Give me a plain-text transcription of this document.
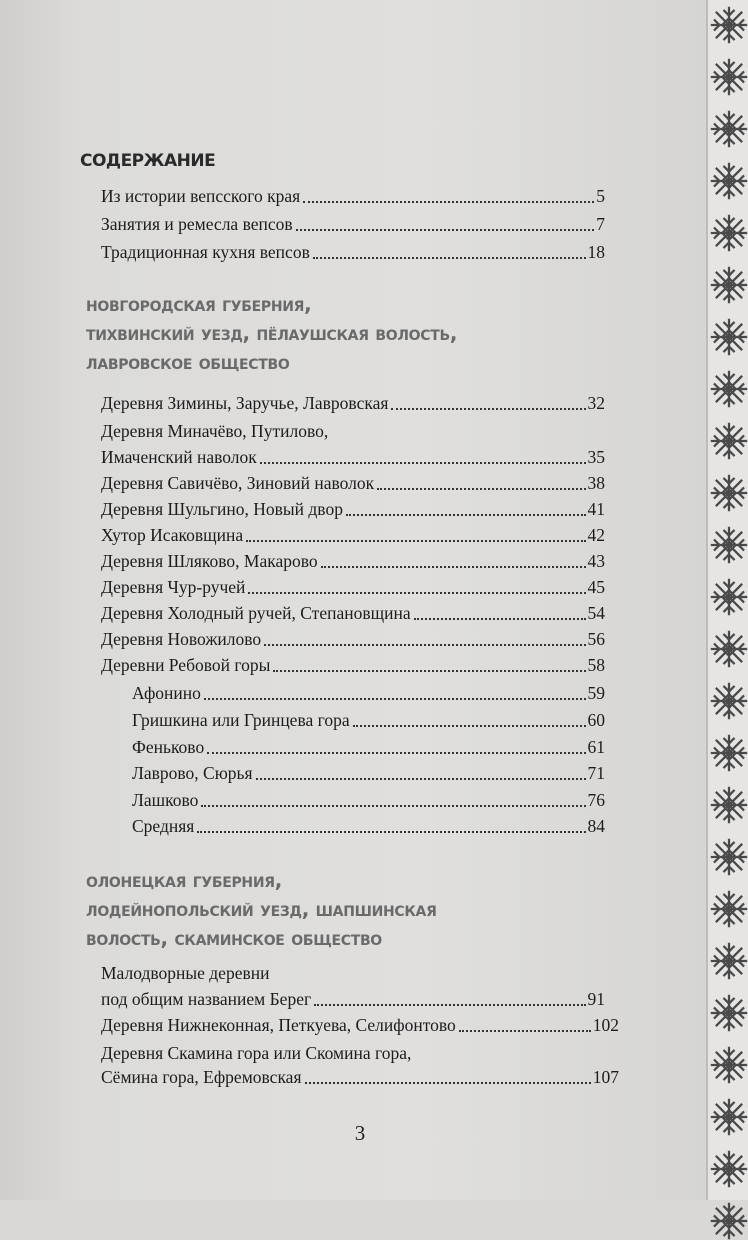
содержание
Из истории вепсского края	5
Занятия и ремесла вепсов	7
Традиционная кухня вепсов	18
новгородская губерния,
тихвинский уезд, пёлаушская волость,
лавровское общество
Деревня Зимины, Заручье, Лавровская	32
Деревня Миначёво, Путилово,
Имаченский наволок	35
Деревня Савичёво, Зиновий наволок	38
Деревня Шульгино, Новый двор	41
Хутор Исаковщина	42
Деревня Шляково, Макарово	43
Деревня Чур-ручей	45
Деревня Холодный ручей, Степановщина	54
Деревня Новожилово	56
Деревни Ребовой горы	58
Афонино	59
Гришкина или Гринцева гора	60
Феньково	61
Лаврово, Сюрья	71
Лашково	76
Средняя	84
олонецкая губерния,
лодейнопольский уезд, шапшинская
волость, скаминское общество
Малодворные деревни
под общим названием Берег	91
Деревня Нижнеконная, Петкуева, Селифонтово	102
Деревня Скамина гора или Скомина гора,
Сёмина гора, Ефремовская	107
3
